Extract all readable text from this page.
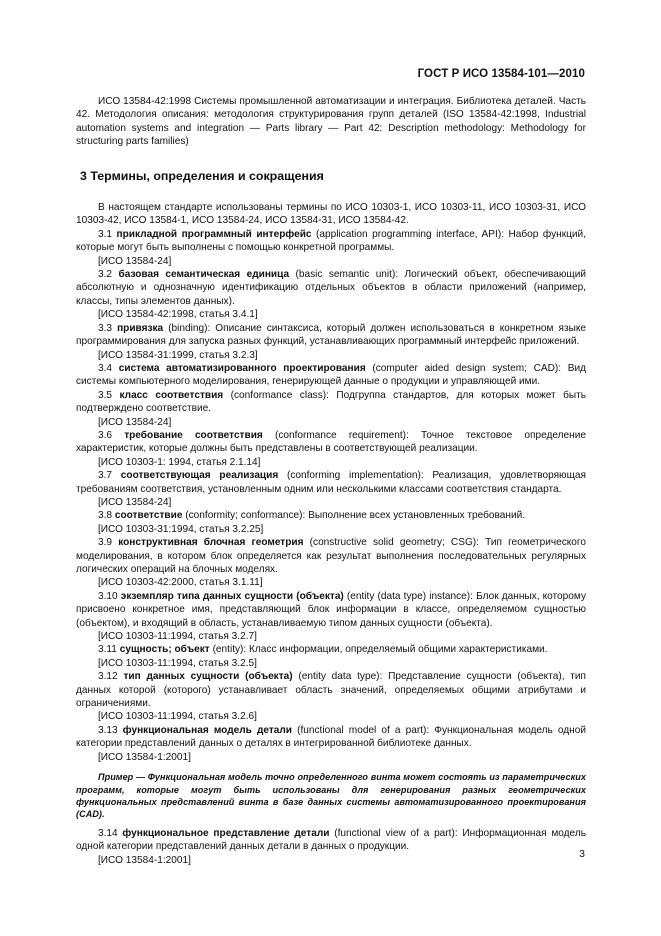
ГОСТ Р ИСО 13584-101—2010

ИСО 13584-42:1998 Системы промышленной автоматизации и интеграция. Библиотека деталей. Часть 42. Методология описания: методология структурирования групп деталей (ISO 13584-42:1998, Industrial automation systems and integration — Parts library — Part 42: Description methodology: Methodology for structuring parts families)

3 Термины, определения и сокращения

В настоящем стандарте использованы термины по ИСО 10303-1, ИСО 10303-11, ИСО 10303-31, ИСО 10303-42, ИСО 13584-1, ИСО 13584-24, ИСО 13584-31, ИСО 13584-42.

3.1 прикладной программный интерфейс (application programming interface, API): Набор функций, которые могут быть выполнены с помощью конкретной программы.

[ИСО 13584-24]

3.2 базовая семантическая единица (basic semantic unit): Логический объект, обеспечивающий абсолютную и однозначную идентификацию отдельных объектов в области приложений (например, классы, типы элементов данных).

[ИСО 13584-42:1998, статья 3.4.1]

3.3 привязка (binding): Описание синтаксиса, который должен использоваться в конкретном языке программирования для запуска разных функций, устанавливающих программный интерфейс приложений.

[ИСО 13584-31:1999, статья 3.2.3]

3.4 система автоматизированного проектирования (computer aided design system; CAD): Вид системы компьютерного моделирования, генерирующей данные о продукции и управляющей ими.

3.5 класс соответствия (conformance class): Подгруппа стандартов, для которых может быть подтверждено соответствие.

[ИСО 13584-24]

3.6 требование соответствия (conformance requirement): Точное текстовое определение характеристик, которые должны быть представлены в соответствующей реализации.

[ИСО 10303-1: 1994, статья 2.1.14]

3.7 соответствующая реализация (conforming implementation): Реализация, удовлетворяющая требованиям соответствия, установленным одним или несколькими классами соответствия стандарта.

[ИСО 13584-24]

3.8 соответствие (conformity; conformance): Выполнение всех установленных требований.

[ИСО 10303-31:1994, статья 3.2.25]

3.9 конструктивная блочная геометрия (constructive solid geometry; CSG): Тип геометрического моделирования, в котором блок определяется как результат выполнения последовательных регулярных логических операций на блочных моделях.

[ИСО 10303-42:2000, статья 3.1.11]

3.10 экземпляр типа данных сущности (объекта) (entity (data type) instance): Блок данных, которому присвоено конкретное имя, представляющий блок информации в классе, определяемом сущностью (объектом), и входящий в область, устанавливаемую типом данных сущности (объекта).

[ИСО 10303-11:1994, статья 3.2.7]

3.11 сущность; объект (entity): Класс информации, определяемый общими характеристиками.

[ИСО 10303-11:1994, статья 3.2.5]

3.12 тип данных сущности (объекта) (entity data type): Представление сущности (объекта), тип данных которой (которого) устанавливает область значений, определяемых общими атрибутами и ограничениями.

[ИСО 10303-11:1994, статья 3.2.6]

3.13 функциональная модель детали (functional model of a part): Функциональная модель одной категории представлений данных о деталях в интегрированной библиотеке данных.

[ИСО 13584-1:2001]

Пример — Функциональная модель точно определенного винта может состоять из параметрических программ, которые могут быть использованы для генерирования разных геометрических функциональных представлений винта в базе данных системы автоматизированного проектирования (CAD).

3.14 функциональное представление детали (functional view of a part): Информационная модель одной категории представлений данных детали в данных о продукции.

[ИСО 13584-1:2001]

3
